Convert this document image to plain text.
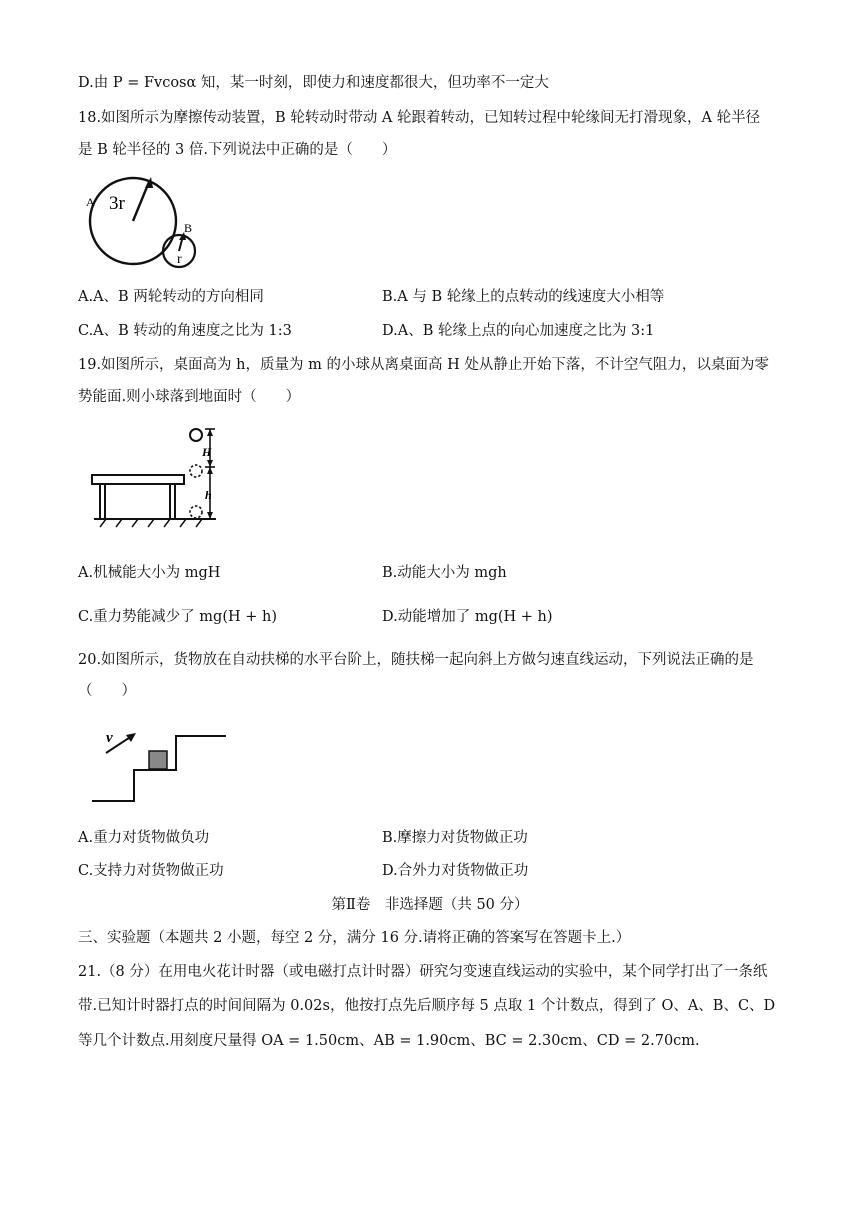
D.由 P = Fvcosα 知，某一时刻，即使力和速度都很大，但功率不一定大
18.如图所示为摩擦传动装置，B 轮转动时带动 A 轮跟着转动，已知转过程中轮缘间无打滑现象，A 轮半径
是 B 轮半径的 3 倍.下列说法中正确的是（　　）
A 3r
B
r
A.A、B 两轮转动的方向相同	B.A 与 B 轮缘上的点转动的线速度大小相等
C.A、B 转动的角速度之比为 1:3	D.A、B 轮缘上点的向心加速度之比为 3:1
19.如图所示，桌面高为 h，质量为 m 的小球从离桌面高 H 处从静止开始下落，不计空气阻力，以桌面为零
势能面.则小球落到地面时（　　）
H
h
A.机械能大小为 mgH	B.动能大小为 mgh
C.重力势能减少了 mg(H + h)	D.动能增加了 mg(H + h)
20.如图所示，货物放在自动扶梯的水平台阶上，随扶梯一起向斜上方做匀速直线运动，下列说法正确的是
（　　）
v
A.重力对货物做负功	B.摩擦力对货物做正功
C.支持力对货物做正功	D.合外力对货物做正功
第Ⅱ卷　非选择题（共 50 分）
三、实验题（本题共 2 小题，每空 2 分，满分 16 分.请将正确的答案写在答题卡上.）
21.（8 分）在用电火花计时器（或电磁打点计时器）研究匀变速直线运动的实验中，某个同学打出了一条纸
带.已知计时器打点的时间间隔为 0.02s，他按打点先后顺序每 5 点取 1 个计数点，得到了 O、A、B、C、D
等几个计数点.用刻度尺量得 OA = 1.50cm、AB = 1.90cm、BC = 2.30cm、CD = 2.70cm.
